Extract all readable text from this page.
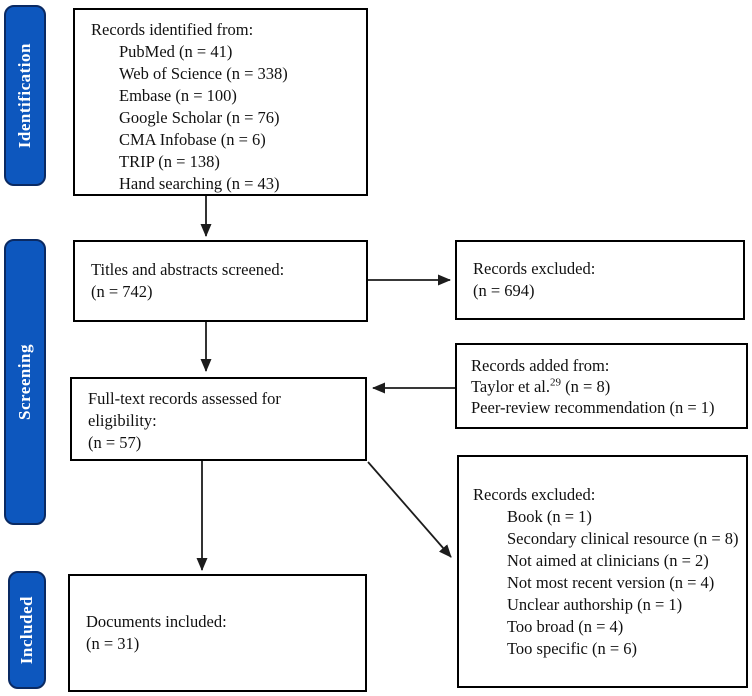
Identification
Screening
Included
Records identified from:
PubMed (n = 41)
Web of Science (n = 338)
Embase (n = 100)
Google Scholar (n = 76)
CMA Infobase (n = 6)
TRIP (n = 138)
Hand searching (n = 43)
Titles and abstracts screened:
(n = 742)
Records excluded:
(n = 694)
Records added from:
Taylor et al.$^{29}$ (n = 8)
Peer-review recommendation (n = 1)
Full-text records assessed for eligibility:
(n = 57)
Records excluded:
Book (n = 1)
Secondary clinical resource (n = 8)
Not aimed at clinicians (n = 2)
Not most recent version (n = 4)
Unclear authorship (n = 1)
Too broad (n = 4)
Too specific (n = 6)
Documents included:
(n = 31)
